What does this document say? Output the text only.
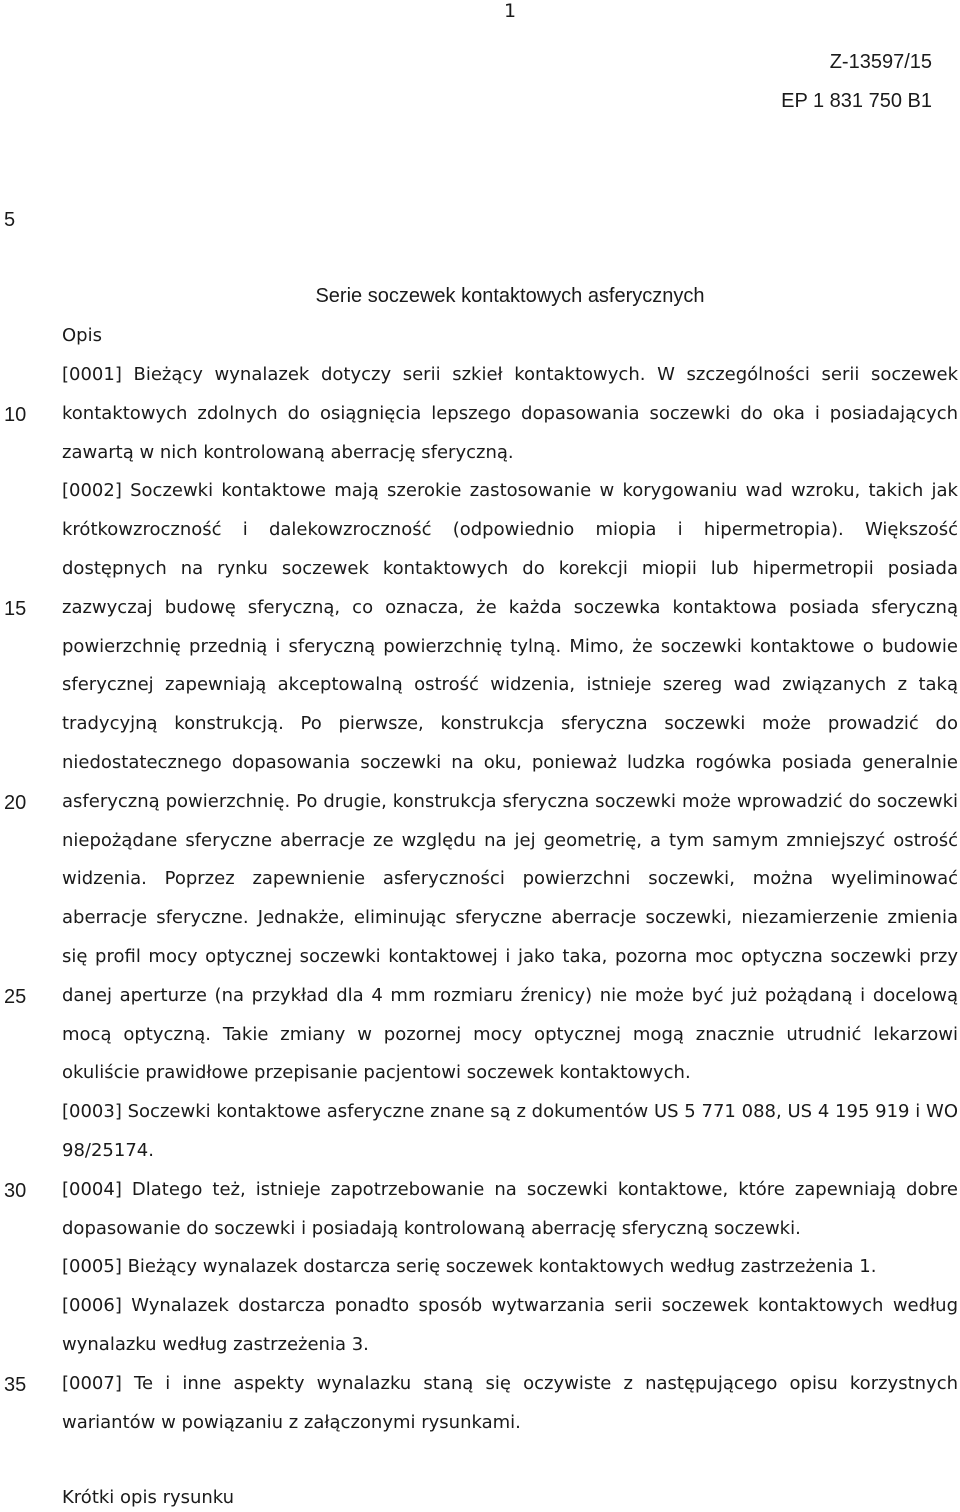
1
Z-13597/15
EP 1 831 750 B1
5
10
15
20
25
30
35
Serie soczewek kontaktowych asferycznych
Opis

[0001] Bieżący wynalazek dotyczy serii szkieł kontaktowych. W szczególności serii soczewek kontaktowych zdolnych do osiągnięcia lepszego dopasowania soczewki do oka i posiadających zawartą w nich kontrolowaną aberrację sferyczną.

[0002] Soczewki kontaktowe mają szerokie zastosowanie w korygowaniu wad wzroku, takich jak krótkowzroczność i dalekowzroczność (odpowiednio miopia i hipermetropia). Większość dostępnych na rynku soczewek kontaktowych do korekcji miopii lub hipermetropii posiada zazwyczaj budowę sferyczną, co oznacza, że każda soczewka kontaktowa posiada sferyczną powierzchnię przednią i sferyczną powierzchnię tylną. Mimo, że soczewki kontaktowe o budowie sferycznej zapewniają akceptowalną ostrość widzenia, istnieje szereg wad związanych z taką tradycyjną konstrukcją. Po pierwsze, konstrukcja sferyczna soczewki może prowadzić do niedostatecznego dopasowania soczewki na oku, ponieważ ludzka rogówka posiada generalnie asferyczną powierzchnię. Po drugie, konstrukcja sferyczna soczewki może wprowadzić do soczewki niepożądane sferyczne aberracje ze względu na jej geometrię, a tym samym zmniejszyć ostrość widzenia. Poprzez zapewnienie asferyczności powierzchni soczewki, można wyeliminować aberracje sferyczne. Jednakże, eliminując sferyczne aberracje soczewki, niezamierzenie zmienia się profil mocy optycznej soczewki kontaktowej i jako taka, pozorna moc optyczna soczewki przy danej aperturze (na przykład dla 4 mm rozmiaru źrenicy) nie może być już pożądaną i docelową mocą optyczną. Takie zmiany w pozornej mocy optycznej mogą znacznie utrudnić lekarzowi okuliście prawidłowe przepisanie pacjentowi soczewek kontaktowych.

[0003] Soczewki kontaktowe asferyczne znane są z dokumentów US 5 771 088, US 4 195 919 i WO 98/25174.

[0004] Dlatego też, istnieje zapotrzebowanie na soczewki kontaktowe, które zapewniają dobre dopasowanie do soczewki i posiadają kontrolowaną aberrację sferyczną soczewki.

[0005] Bieżący wynalazek dostarcza serię soczewek kontaktowych według zastrzeżenia 1.

[0006] Wynalazek dostarcza ponadto sposób wytwarzania serii soczewek kontaktowych według wynalazku według zastrzeżenia 3.

[0007] Te i inne aspekty wynalazku staną się oczywiste z następującego opisu korzystnych wariantów w powiązaniu z załączonymi rysunkami.

Krótki opis rysunku
